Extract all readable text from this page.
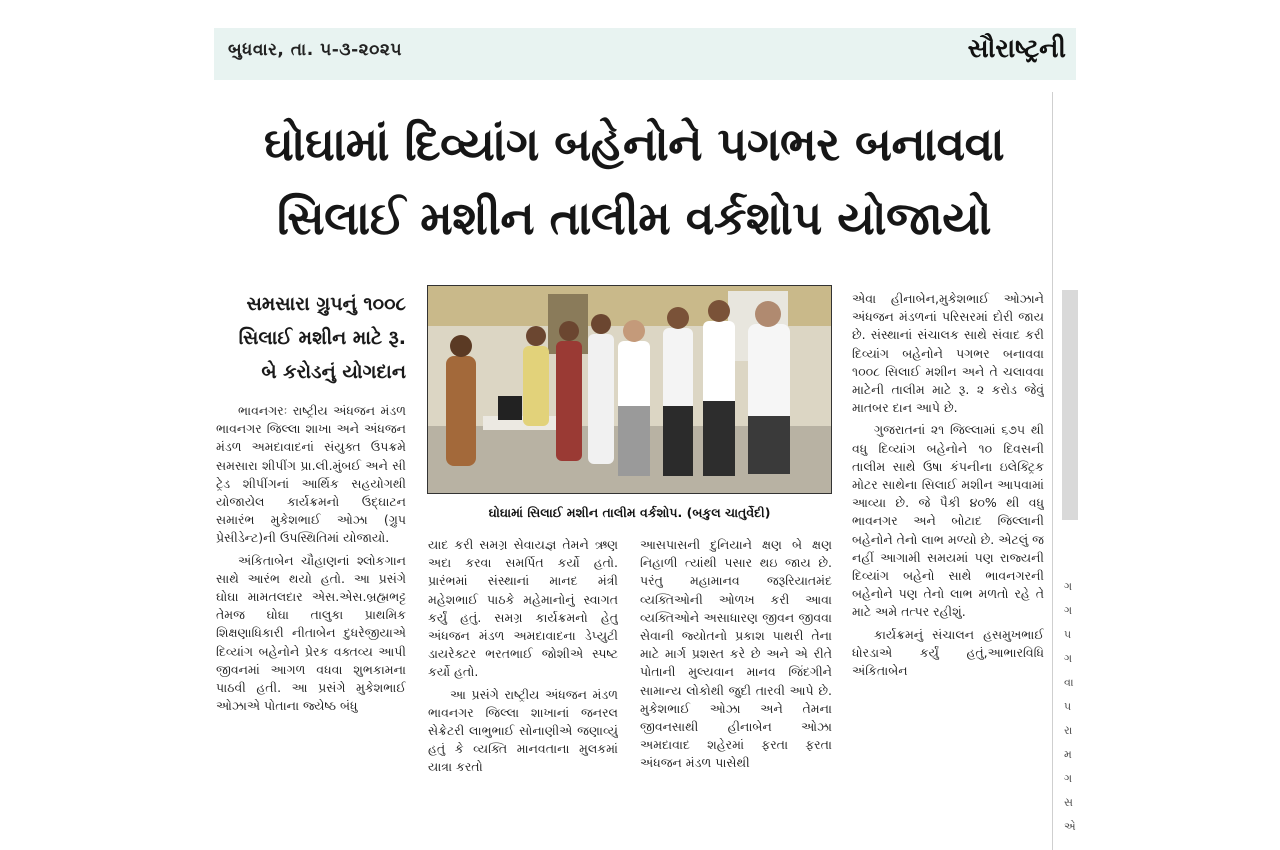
બુધવાર, તા. ૫-૩-૨૦૨૫	સૌરાષ્ટ્રની
ઘોઘામાં દિવ્યાંગ બહેનોને પગભર બનાવવા
સિલાઈ મશીન તાલીમ વર્કશોપ યોજાયો
સમસારા ગ્રુપનું ૧૦૦૮
સિલાઈ મશીન માટે રૂ.
બે કરોડનું યોગદાન

ભાવનગરઃ રાષ્ટ્રીય અંધજન મંડળ ભાવનગર જિલ્લા શાખા અને અંધજન મંડળ અમદાવાદનાં સંયુક્ત ઉપક્રમે સમસારા શીપીંગ પ્રા.લી.મુંબઈ અને સી ટ્રેડ શીપીંગનાં આર્થિક સહયોગથી યોજાયેલ કાર્યક્રમનો ઉદ્ઘાટન સમારંભ મુકેશભાઈ ઓઝા (ગ્રુપ પ્રેસીડેન્ટ)ની ઉપસ્થિતિમાં યોજાયો.

અંકિતાબેન ચૌહાણનાં શ્લોકગાન સાથે આરંભ થયો હતો. આ પ્રસંગે ઘોઘા મામતલદાર એસ.એસ.બ્રહ્મભટ્ટ તેમજ ઘોઘા તાલુકા પ્રાથમિક શિક્ષણાધિકારી નીતાબેન દુધરેજીયાએ દિવ્યાંગ બહેનોને પ્રેરક વક્તવ્ય આપી જીવનમાં આગળ વધવા શુભકામના પાઠવી હતી. આ પ્રસંગે મુકેશભાઈ ઓઝાએ પોતાના જ્યેષ્ઠ બંધુ

ઘોઘામાં સિલાઈ મશીન તાલીમ વર્કશોપ. (બકુલ ચાતુર્વેદી)

યાદ કરી સમગ્ર સેવાયજ્ઞ તેમને ઋણ અદા કરવા સમર્પિત કર્યો હતો. પ્રારંભમાં સંસ્થાનાં માનદ મંત્રી મહેશભાઈ પાઠકે મહેમાનોનું સ્વાગત કર્યું હતું. સમગ્ર કાર્યક્રમનો હેતુ અંધજન મંડળ અમદાવાદના ડેપ્યુટી ડાયરેક્ટર ભરતભાઈ જોશીએ સ્પષ્ટ કર્યો હતો.

આ પ્રસંગે રાષ્ટ્રીય અંધજન મંડળ ભાવનગર જિલ્લા શાખાનાં જનરલ સેક્રેટરી લાભુભાઈ સોનાણીએ જણાવ્યું હતું કે વ્યક્તિ માનવતાના મુલકમાં યાત્રા કરતો

આસપાસની દુનિયાને ક્ષણ બે ક્ષણ નિહાળી ત્યાંથી પસાર થઇ જાય છે. પરંતુ મહામાનવ જરૂરિયાતમંદ વ્યક્તિઓની ઓળખ કરી આવા વ્યક્તિઓને અસાધારણ જીવન જીવવા સેવાની જ્યોતનો પ્રકાશ પાથરી તેના માટે માર્ગ પ્રશસ્ત કરે છે અને એ રીતે પોતાની મુલ્યવાન માનવ જિંદગીને સામાન્ય લોકોથી જુદી તારવી આપે છે. મુકેશભાઈ ઓઝા અને તેમના જીવનસાથી હીનાબેન ઓઝા અમદાવાદ શહેરમાં ફરતા ફરતા અંધજન મંડળ પાસેથી

એવા હીનાબેન,મુકેશભાઈ ઓઝાને અંધજન મંડળનાં પરિસરમાં દોરી જાય છે. સંસ્થાનાં સંચાલક સાથે સંવાદ કરી દિવ્યાંગ બહેનોને પગભર બનાવવા ૧૦૦૮ સિલાઈ મશીન અને તે ચલાવવા માટેની તાલીમ માટે રૂ. ૨ કરોડ જેવું માતબર દાન આપે છે.

ગુજરાતનાં ૨૧ જિલ્લામાં ૬૭૫ થી વધુ દિવ્યાંગ બહેનોને ૧૦ દિવસની તાલીમ સાથે ઉષા કંપનીના ઇલેક્ટ્રિક મોટર સાથેના સિલાઈ મશીન આપવામાં આવ્યા છે. જે પૈકી ૪૦% થી વધુ ભાવનગર અને બોટાદ જિલ્લાની બહેનોને તેનો લાભ મળ્યો છે. એટલું જ નહીં આગામી સમયમાં પણ રાજ્યની દિવ્યાંગ બહેનો સાથે ભાવનગરની બહેનોને પણ તેનો લાભ મળતો રહે તે માટે અમે તત્પર રહીશું.

કાર્યક્રમનું સંચાલન હસમુખભાઈ ધોરડાએ કર્યું હતું,આભારવિધિ અંકિતાબેન

ગ
ગ
પ
ગ
વા
પ
રા
મ
ગ
સ
એ
